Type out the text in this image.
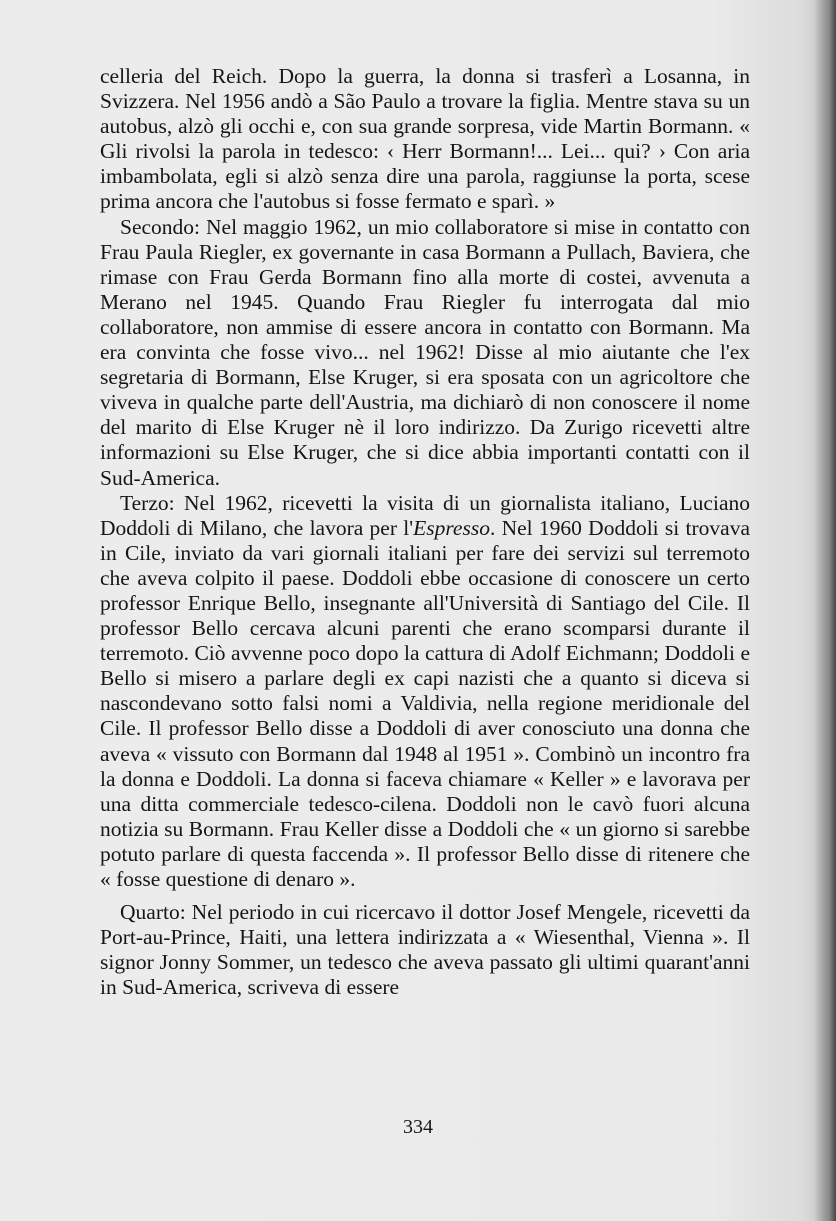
celleria del Reich. Dopo la guerra, la donna si trasferì a Losanna, in Svizzera. Nel 1956 andò a São Paulo a trovare la figlia. Mentre stava su un autobus, alzò gli occhi e, con sua grande sorpresa, vide Martin Bormann. « Gli rivolsi la parola in tedesco: ‹ Herr Bormann!... Lei... qui? › Con aria imbambolata, egli si alzò senza dire una parola, raggiunse la porta, scese prima ancora che l'autobus si fosse fermato e sparì. »

Secondo: Nel maggio 1962, un mio collaboratore si mise in contatto con Frau Paula Riegler, ex governante in casa Bormann a Pullach, Baviera, che rimase con Frau Gerda Bormann fino alla morte di costei, avvenuta a Merano nel 1945. Quando Frau Riegler fu interrogata dal mio collaboratore, non ammise di essere ancora in contatto con Bormann. Ma era convinta che fosse vivo... nel 1962! Disse al mio aiutante che l'ex segretaria di Bormann, Else Kruger, si era sposata con un agricoltore che viveva in qualche parte dell'Austria, ma dichiarò di non conoscere il nome del marito di Else Kruger nè il loro indirizzo. Da Zurigo ricevetti altre informazioni su Else Kruger, che si dice abbia importanti contatti con il Sud-America.

Terzo: Nel 1962, ricevetti la visita di un giornalista italiano, Luciano Doddoli di Milano, che lavora per l'Espresso. Nel 1960 Doddoli si trovava in Cile, inviato da vari giornali italiani per fare dei servizi sul terremoto che aveva colpito il paese. Doddoli ebbe occasione di conoscere un certo professor Enrique Bello, insegnante all'Università di Santiago del Cile. Il professor Bello cercava alcuni parenti che erano scomparsi durante il terremoto. Ciò avvenne poco dopo la cattura di Adolf Eichmann; Doddoli e Bello si misero a parlare degli ex capi nazisti che a quanto si diceva si nascondevano sotto falsi nomi a Valdivia, nella regione meridionale del Cile. Il professor Bello disse a Doddoli di aver conosciuto una donna che aveva « vissuto con Bormann dal 1948 al 1951 ». Combinò un incontro fra la donna e Doddoli. La donna si faceva chiamare « Keller » e lavorava per una ditta commerciale tedesco-cilena. Doddoli non le cavò fuori alcuna notizia su Bormann. Frau Keller disse a Doddoli che « un giorno si sarebbe potuto parlare di questa faccenda ». Il professor Bello disse di ritenere che « fosse questione di denaro ».

Quarto: Nel periodo in cui ricercavo il dottor Josef Mengele, ricevetti da Port-au-Prince, Haiti, una lettera indirizzata a « Wiesenthal, Vienna ». Il signor Jonny Sommer, un tedesco che aveva passato gli ultimi quarant'anni in Sud-America, scriveva di essere

334
